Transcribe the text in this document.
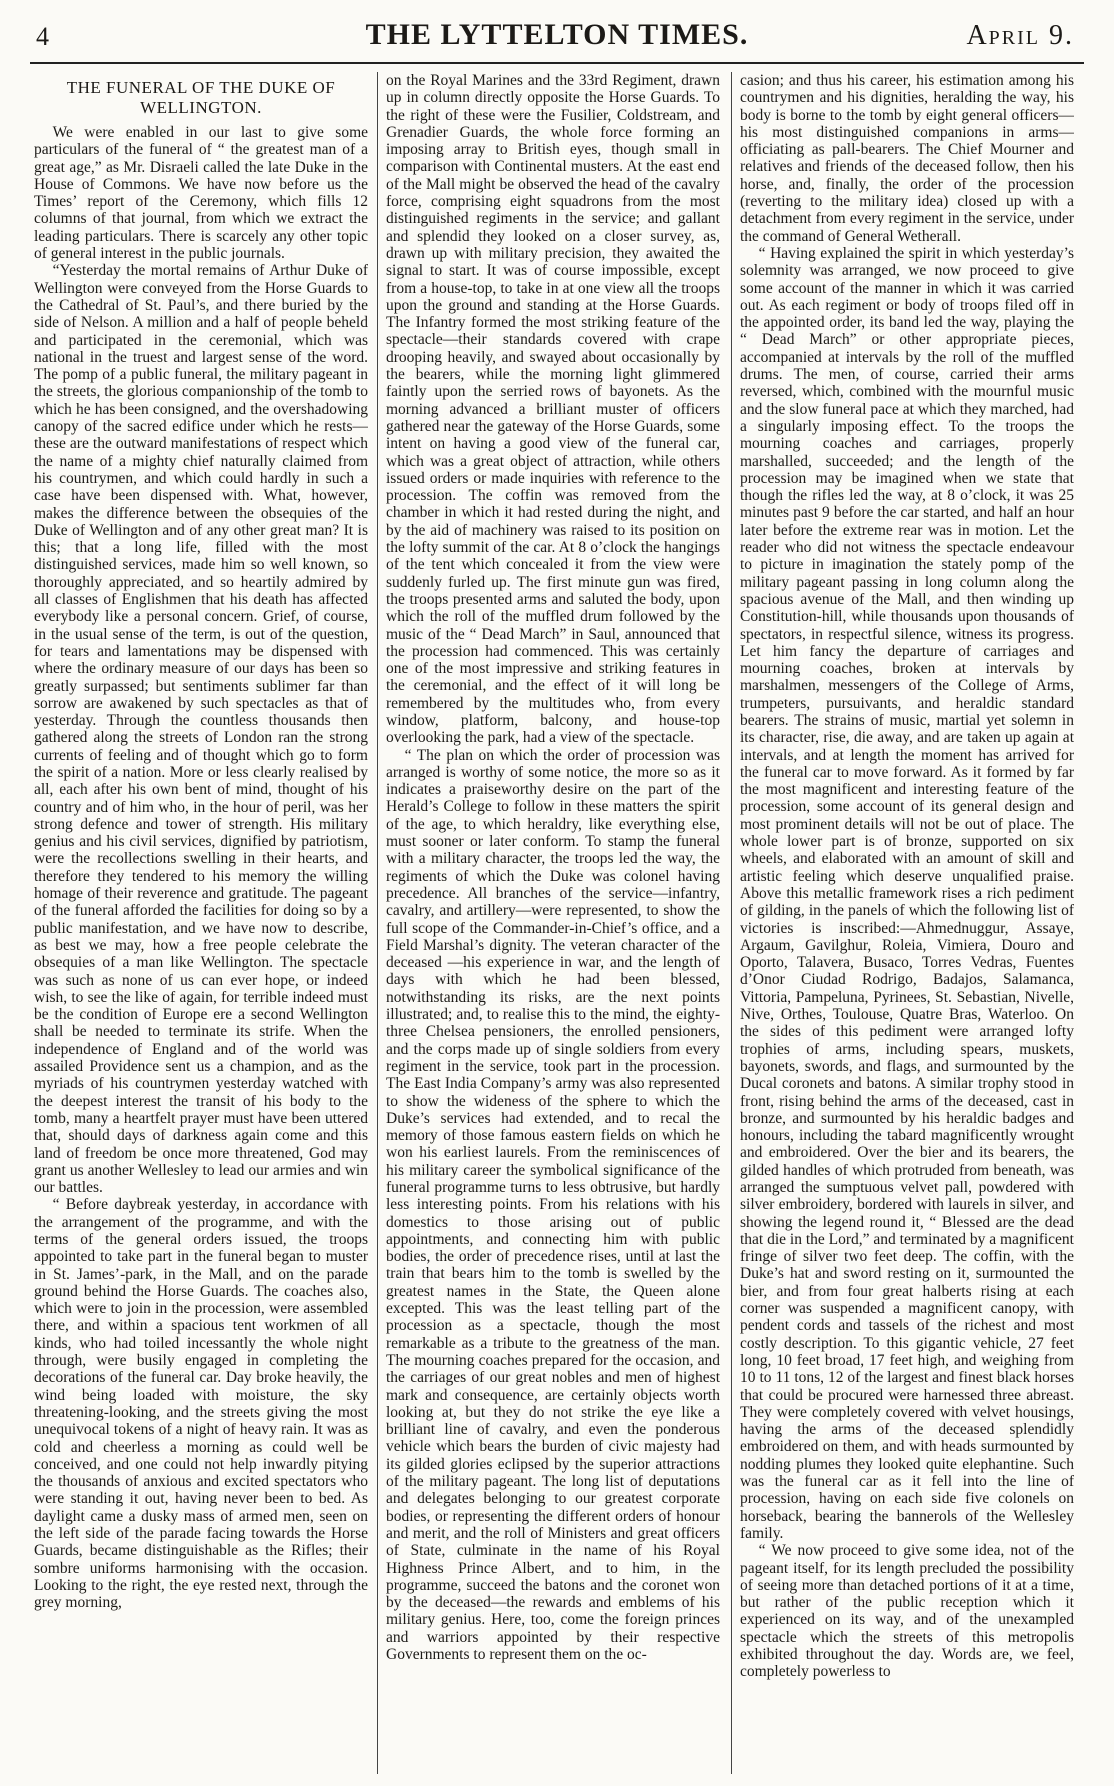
4	THE LYTTELTON TIMES.	April 9.
THE FUNERAL OF THE DUKE OF
WELLINGTON.

We were enabled in our last to give some particulars of the funeral of “ the greatest man of a great age,” as Mr. Disraeli called the late Duke in the House of Commons. We have now before us the Times’ report of the Ceremony, which fills 12 columns of that journal, from which we extract the leading particulars. There is scarcely any other topic of general interest in the public journals.

“Yesterday the mortal remains of Arthur Duke of Wellington were conveyed from the Horse Guards to the Cathedral of St. Paul’s, and there buried by the side of Nelson. A million and a half of people beheld and participated in the ceremonial, which was national in the truest and largest sense of the word. The pomp of a public funeral, the military pageant in the streets, the glorious companionship of the tomb to which he has been consigned, and the overshadowing canopy of the sacred edifice under which he rests—these are the outward manifestations of respect which the name of a mighty chief naturally claimed from his countrymen, and which could hardly in such a case have been dispensed with. What, however, makes the difference between the obsequies of the Duke of Wellington and of any other great man? It is this; that a long life, filled with the most distinguished services, made him so well known, so thoroughly appreciated, and so heartily admired by all classes of Englishmen that his death has affected everybody like a personal concern. Grief, of course, in the usual sense of the term, is out of the question, for tears and lamentations may be dispensed with where the ordinary measure of our days has been so greatly surpassed; but sentiments sublimer far than sorrow are awakened by such spectacles as that of yesterday. Through the countless thousands then gathered along the streets of London ran the strong currents of feeling and of thought which go to form the spirit of a nation. More or less clearly realised by all, each after his own bent of mind, thought of his country and of him who, in the hour of peril, was her strong defence and tower of strength. His military genius and his civil services, dignified by patriotism, were the recollections swelling in their hearts, and therefore they tendered to his memory the willing homage of their reverence and gratitude. The pageant of the funeral afforded the facilities for doing so by a public manifestation, and we have now to describe, as best we may, how a free people celebrate the obsequies of a man like Wellington. The spectacle was such as none of us can ever hope, or indeed wish, to see the like of again, for terrible indeed must be the condition of Europe ere a second Wellington shall be needed to terminate its strife. When the independence of England and of the world was assailed Providence sent us a champion, and as the myriads of his countrymen yesterday watched with the deepest interest the transit of his body to the tomb, many a heartfelt prayer must have been uttered that, should days of darkness again come and this land of freedom be once more threatened, God may grant us another Wellesley to lead our armies and win our battles.

“ Before daybreak yesterday, in accordance with the arrangement of the programme, and with the terms of the general orders issued, the troops appointed to take part in the funeral began to muster in St. James’-park, in the Mall, and on the parade ground behind the Horse Guards. The coaches also, which were to join in the procession, were assembled there, and within a spacious tent workmen of all kinds, who had toiled incessantly the whole night through, were busily engaged in completing the decorations of the funeral car. Day broke heavily, the wind being loaded with moisture, the sky threatening-looking, and the streets giving the most unequivocal tokens of a night of heavy rain. It was as cold and cheerless a morning as could well be conceived, and one could not help inwardly pitying the thousands of anxious and excited spectators who were standing it out, having never been to bed. As daylight came a dusky mass of armed men, seen on the left side of the parade facing towards the Horse Guards, became distinguishable as the Rifles; their sombre uniforms harmonising with the occasion. Looking to the right, the eye rested next, through the grey morning,

on the Royal Marines and the 33rd Regiment, drawn up in column directly opposite the Horse Guards. To the right of these were the Fusilier, Coldstream, and Grenadier Guards, the whole force forming an imposing array to British eyes, though small in comparison with Continental musters. At the east end of the Mall might be observed the head of the cavalry force, comprising eight squadrons from the most distinguished regiments in the service; and gallant and splendid they looked on a closer survey, as, drawn up with military precision, they awaited the signal to start. It was of course impossible, except from a house-top, to take in at one view all the troops upon the ground and standing at the Horse Guards. The Infantry formed the most striking feature of the spectacle—their standards covered with crape drooping heavily, and swayed about occasionally by the bearers, while the morning light glimmered faintly upon the serried rows of bayonets. As the morning advanced a brilliant muster of officers gathered near the gateway of the Horse Guards, some intent on having a good view of the funeral car, which was a great object of attraction, while others issued orders or made inquiries with reference to the procession. The coffin was removed from the chamber in which it had rested during the night, and by the aid of machinery was raised to its position on the lofty summit of the car. At 8 o’clock the hangings of the tent which concealed it from the view were suddenly furled up. The first minute gun was fired, the troops presented arms and saluted the body, upon which the roll of the muffled drum followed by the music of the “ Dead March” in Saul, announced that the procession had commenced. This was certainly one of the most impressive and striking features in the ceremonial, and the effect of it will long be remembered by the multitudes who, from every window, platform, balcony, and house-top overlooking the park, had a view of the spectacle.

“ The plan on which the order of procession was arranged is worthy of some notice, the more so as it indicates a praiseworthy desire on the part of the Herald’s College to follow in these matters the spirit of the age, to which heraldry, like everything else, must sooner or later conform. To stamp the funeral with a military character, the troops led the way, the regiments of which the Duke was colonel having precedence. All branches of the service—infantry, cavalry, and artillery—were represented, to show the full scope of the Commander-in-Chief’s office, and a Field Marshal’s dignity. The veteran character of the deceased —his experience in war, and the length of days with which he had been blessed, notwithstanding its risks, are the next points illustrated; and, to realise this to the mind, the eighty-three Chelsea pensioners, the enrolled pensioners, and the corps made up of single soldiers from every regiment in the service, took part in the procession. The East India Company’s army was also represented to show the wideness of the sphere to which the Duke’s services had extended, and to recal the memory of those famous eastern fields on which he won his earliest laurels. From the reminiscences of his military career the symbolical significance of the funeral programme turns to less obtrusive, but hardly less interesting points. From his relations with his domestics to those arising out of public appointments, and connecting him with public bodies, the order of precedence rises, until at last the train that bears him to the tomb is swelled by the greatest names in the State, the Queen alone excepted. This was the least telling part of the procession as a spectacle, though the most remarkable as a tribute to the greatness of the man. The mourning coaches prepared for the occasion, and the carriages of our great nobles and men of highest mark and consequence, are certainly objects worth looking at, but they do not strike the eye like a brilliant line of cavalry, and even the ponderous vehicle which bears the burden of civic majesty had its gilded glories eclipsed by the superior attractions of the military pageant. The long list of deputations and delegates belonging to our greatest corporate bodies, or representing the different orders of honour and merit, and the roll of Ministers and great officers of State, culminate in the name of his Royal Highness Prince Albert, and to him, in the programme, succeed the batons and the coronet won by the deceased—the rewards and emblems of his military genius. Here, too, come the foreign princes and warriors appointed by their respective Governments to represent them on the oc-

casion; and thus his career, his estimation among his countrymen and his dignities, heralding the way, his body is borne to the tomb by eight general officers—his most distinguished companions in arms—officiating as pall-bearers. The Chief Mourner and relatives and friends of the deceased follow, then his horse, and, finally, the order of the procession (reverting to the military idea) closed up with a detachment from every regiment in the service, under the command of General Wetherall.

“ Having explained the spirit in which yesterday’s solemnity was arranged, we now proceed to give some account of the manner in which it was carried out. As each regiment or body of troops filed off in the appointed order, its band led the way, playing the “ Dead March” or other appropriate pieces, accompanied at intervals by the roll of the muffled drums. The men, of course, carried their arms reversed, which, combined with the mournful music and the slow funeral pace at which they marched, had a singularly imposing effect. To the troops the mourning coaches and carriages, properly marshalled, succeeded; and the length of the procession may be imagined when we state that though the rifles led the way, at 8 o’clock, it was 25 minutes past 9 before the car started, and half an hour later before the extreme rear was in motion. Let the reader who did not witness the spectacle endeavour to picture in imagination the stately pomp of the military pageant passing in long column along the spacious avenue of the Mall, and then winding up Constitution-hill, while thousands upon thousands of spectators, in respectful silence, witness its progress. Let him fancy the departure of carriages and mourning coaches, broken at intervals by marshalmen, messengers of the College of Arms, trumpeters, pursuivants, and heraldic standard bearers. The strains of music, martial yet solemn in its character, rise, die away, and are taken up again at intervals, and at length the moment has arrived for the funeral car to move forward. As it formed by far the most magnificent and interesting feature of the procession, some account of its general design and most prominent details will not be out of place. The whole lower part is of bronze, supported on six wheels, and elaborated with an amount of skill and artistic feeling which deserve unqualified praise. Above this metallic framework rises a rich pediment of gilding, in the panels of which the following list of victories is inscribed:—Ahmednuggur, Assaye, Argaum, Gavilghur, Roleia, Vimiera, Douro and Oporto, Talavera, Busaco, Torres Vedras, Fuentes d’Onor Ciudad Rodrigo, Badajos, Salamanca, Vittoria, Pampeluna, Pyrinees, St. Sebastian, Nivelle, Nive, Orthes, Toulouse, Quatre Bras, Waterloo. On the sides of this pediment were arranged lofty trophies of arms, including spears, muskets, bayonets, swords, and flags, and surmounted by the Ducal coronets and batons. A similar trophy stood in front, rising behind the arms of the deceased, cast in bronze, and surmounted by his heraldic badges and honours, including the tabard magnificently wrought and embroidered. Over the bier and its bearers, the gilded handles of which protruded from beneath, was arranged the sumptuous velvet pall, powdered with silver embroidery, bordered with laurels in silver, and showing the legend round it, “ Blessed are the dead that die in the Lord,” and terminated by a magnificent fringe of silver two feet deep. The coffin, with the Duke’s hat and sword resting on it, surmounted the bier, and from four great halberts rising at each corner was suspended a magnificent canopy, with pendent cords and tassels of the richest and most costly description. To this gigantic vehicle, 27 feet long, 10 feet broad, 17 feet high, and weighing from 10 to 11 tons, 12 of the largest and finest black horses that could be procured were harnessed three abreast. They were completely covered with velvet housings, having the arms of the deceased splendidly embroidered on them, and with heads surmounted by nodding plumes they looked quite elephantine. Such was the funeral car as it fell into the line of procession, having on each side five colonels on horseback, bearing the bannerols of the Wellesley family.

“ We now proceed to give some idea, not of the pageant itself, for its length precluded the possibility of seeing more than detached portions of it at a time, but rather of the public reception which it experienced on its way, and of the unexampled spectacle which the streets of this metropolis exhibited throughout the day. Words are, we feel, completely powerless to
